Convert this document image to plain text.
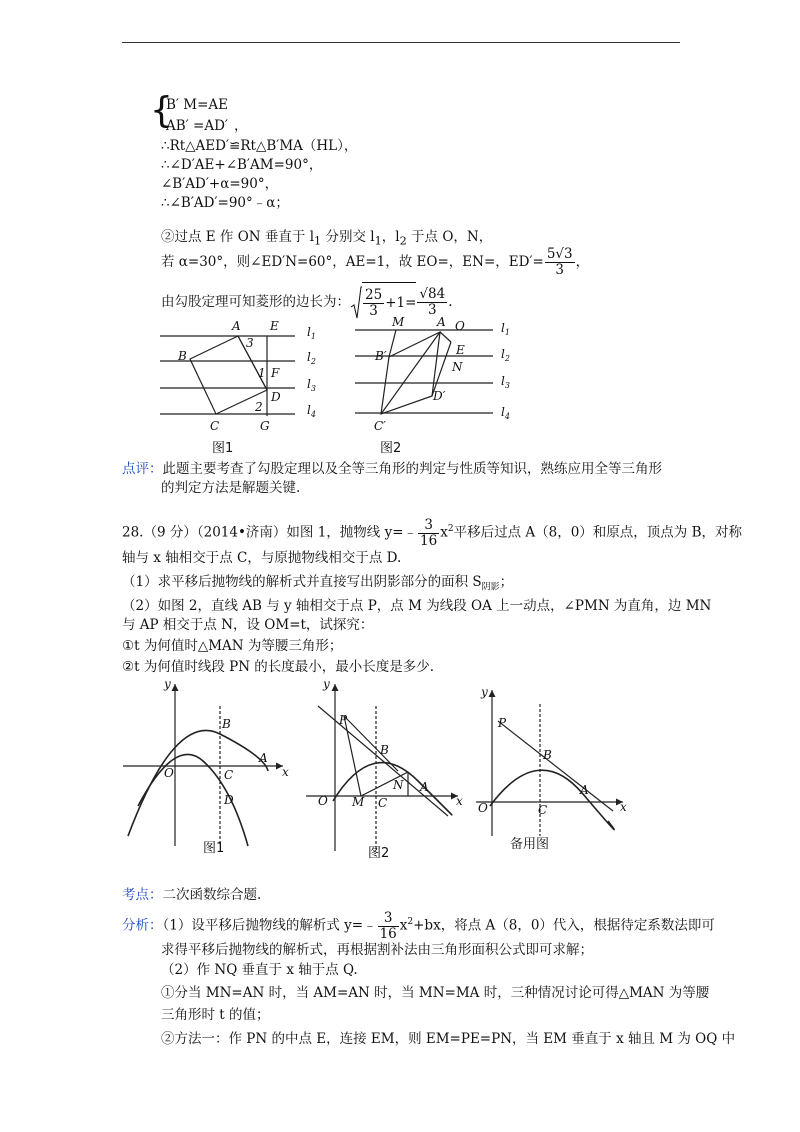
{
B′ M=AE
AB′ =AD′ ，
∴Rt△AED′≌Rt△B′MA（HL），
∴∠D′AE+∠B′AM=90°，
∠B′AD′+α=90°，
∴∠B′AD′=90°﹣α；
②过点 E 作 ON 垂直于 $l_1$ 分别交 $l_1$，$l_2$ 于点 O，N，
若 α=30°，则∠ED′N=60°，AE=1，故 EO=，EN=，$ED'= \frac{5√3}{3}$ ，
由勾股定理可知菱形的边长为： $\frac{25}{3} +1= \frac{√84}{3}$ .
A E
3
B
1 F
D
2
C	G
M	A O
E
B′
N
D′
C′
$l_1$
$l_2$
$l_3$
$l_4$
$l_1$
$l_2$
$l_3$
$l_4$
图1	图2
点评：此题主要考查了勾股定理以及全等三角形的判定与性质等知识，熟练应用全等三角形
的判定方法是解题关键.
28.（9 分）（2014•济南）如图 1，抛物线 y=﹣ $\frac{3}{16} x^2$平移后过点 A（8，0）和原点，顶点为 B，对称
轴与 x 轴相交于点 C，与原抛物线相交于点 D.
（1）求平移后抛物线的解析式并直接写出阴影部分的面积 $S_{阴影}$；
（2）如图 2，直线 AB 与 y 轴相交于点 P，点 M 为线段 OA 上一动点，∠PMN 为直角，边 MN
与 AP 相交于点 N，设 OM=t，试探究：
①t 为何值时△MAN 为等腰三角形；
②t 为何值时线段 PN 的长度最小，最小长度是多少.
y
x
O
B
A
C
D
图1
y
x
P
B
O M C
N A
图2
y
x
P
B
O	C
A
备用图
考点：二次函数综合题.
分析：（1）设平移后抛物线的解析式 y=﹣ $\frac{3}{16} x^2+bx$，将点 A（8，0）代入，根据待定系数法即可
求得平移后抛物线的解析式，再根据割补法由三角形面积公式即可求解；
（2）作 NQ 垂直于 x 轴于点 Q.
①分当 MN=AN 时，当 AM=AN 时，当 MN=MA 时，三种情况讨论可得△MAN 为等腰
三角形时 t 的值；
②方法一：作 PN 的中点 E，连接 EM，则 EM=PE=PN，当 EM 垂直于 x 轴且 M 为 OQ 中
